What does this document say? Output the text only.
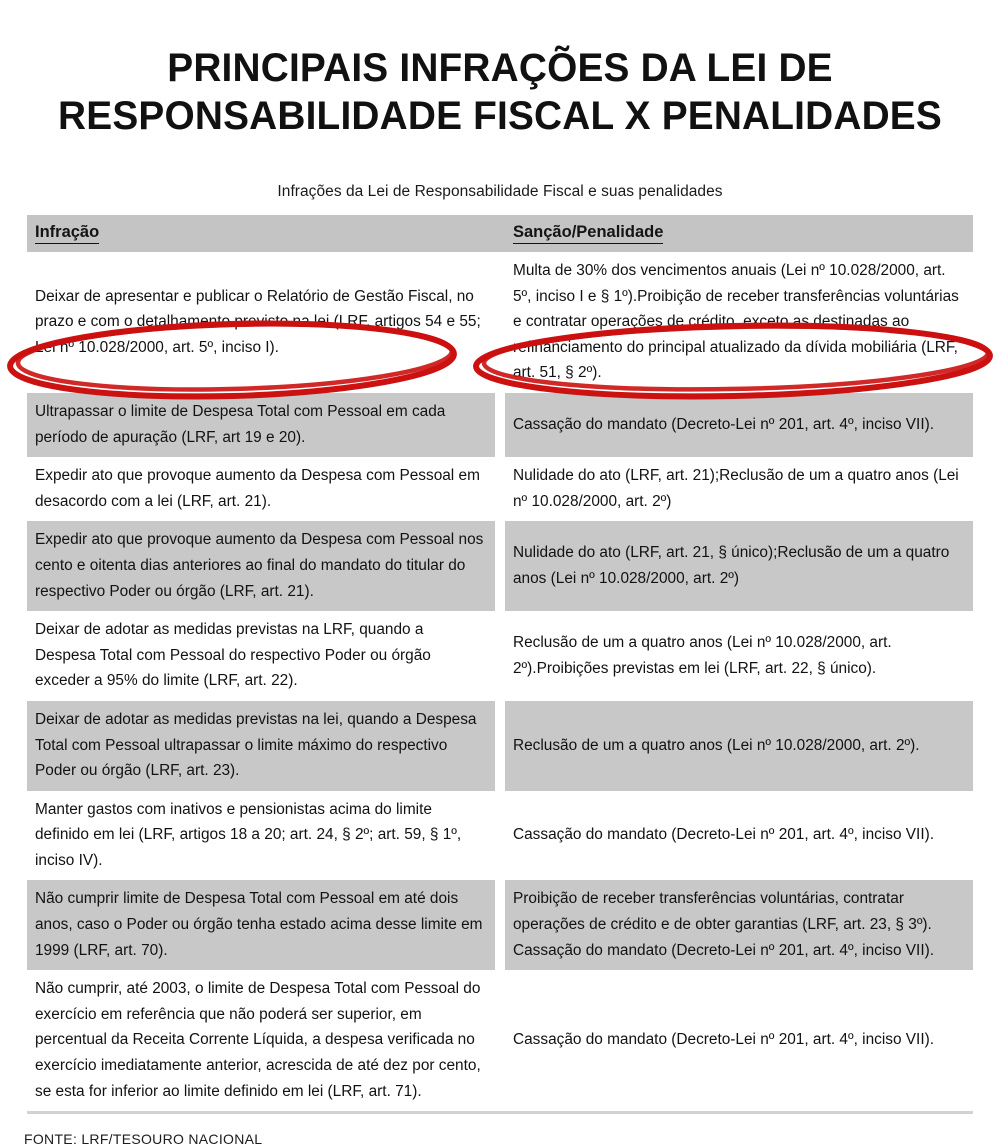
PRINCIPAIS INFRAÇÕES DA LEI DE
RESPONSABILIDADE FISCAL X PENALIDADES
Infrações da Lei de Responsabilidade Fiscal e suas penalidades
Infração		Sanção/Penalidade
Deixar de apresentar e publicar o Relatório de Gestão Fiscal, no prazo e com o detalhamento previsto na lei (LRF, artigos 54 e 55; Lei nº 10.028/2000, art. 5º, inciso I).		Multa de 30% dos vencimentos anuais (Lei nº 10.028/2000, art. 5º, inciso I e § 1º).Proibição de receber transferências voluntárias e contratar operações de crédito, exceto as destinadas ao refinanciamento do principal atualizado da dívida mobiliária (LRF, art. 51, § 2º).
Ultrapassar o limite de Despesa Total com Pessoal em cada período de apuração (LRF, art 19 e 20).		Cassação do mandato (Decreto-Lei nº 201, art. 4º, inciso VII).
Expedir ato que provoque aumento da Despesa com Pessoal em desacordo com a lei (LRF, art. 21).		Nulidade do ato (LRF, art. 21);Reclusão de um a quatro anos (Lei nº 10.028/2000, art. 2º)
Expedir ato que provoque aumento da Despesa com Pessoal nos cento e oitenta dias anteriores ao final do mandato do titular do respectivo Poder ou órgão (LRF, art. 21).		Nulidade do ato (LRF, art. 21, § único);Reclusão de um a quatro anos (Lei nº 10.028/2000, art. 2º)
Deixar de adotar as medidas previstas na LRF, quando a Despesa Total com Pessoal do respectivo Poder ou órgão exceder a 95% do limite (LRF, art. 22).		Reclusão de um a quatro anos (Lei nº 10.028/2000, art. 2º).Proibições previstas em lei (LRF, art. 22, § único).
Deixar de adotar as medidas previstas na lei, quando a Despesa Total com Pessoal ultrapassar o limite máximo do respectivo Poder ou órgão (LRF, art. 23).		Reclusão de um a quatro anos (Lei nº 10.028/2000, art. 2º).
Manter gastos com inativos e pensionistas acima do limite definido em lei (LRF, artigos 18 a 20; art. 24, § 2º; art. 59, § 1º, inciso IV).		Cassação do mandato (Decreto-Lei nº 201, art. 4º, inciso VII).
Não cumprir limite de Despesa Total com Pessoal em até dois anos, caso o Poder ou órgão tenha estado acima desse limite em 1999 (LRF, art. 70).		Proibição de receber transferências voluntárias, contratar operações de crédito e de obter garantias (LRF, art. 23, § 3º). Cassação do mandato (Decreto-Lei nº 201, art. 4º, inciso VII).
Não cumprir, até 2003, o limite de Despesa Total com Pessoal do exercício em referência que não poderá ser superior, em percentual da Receita Corrente Líquida, a despesa verificada no exercício imediatamente anterior, acrescida de até dez por cento, se esta for inferior ao limite definido em lei (LRF, art. 71).		Cassação do mandato (Decreto-Lei nº 201, art. 4º, inciso VII).
FONTE: LRF/TESOURO NACIONAL
